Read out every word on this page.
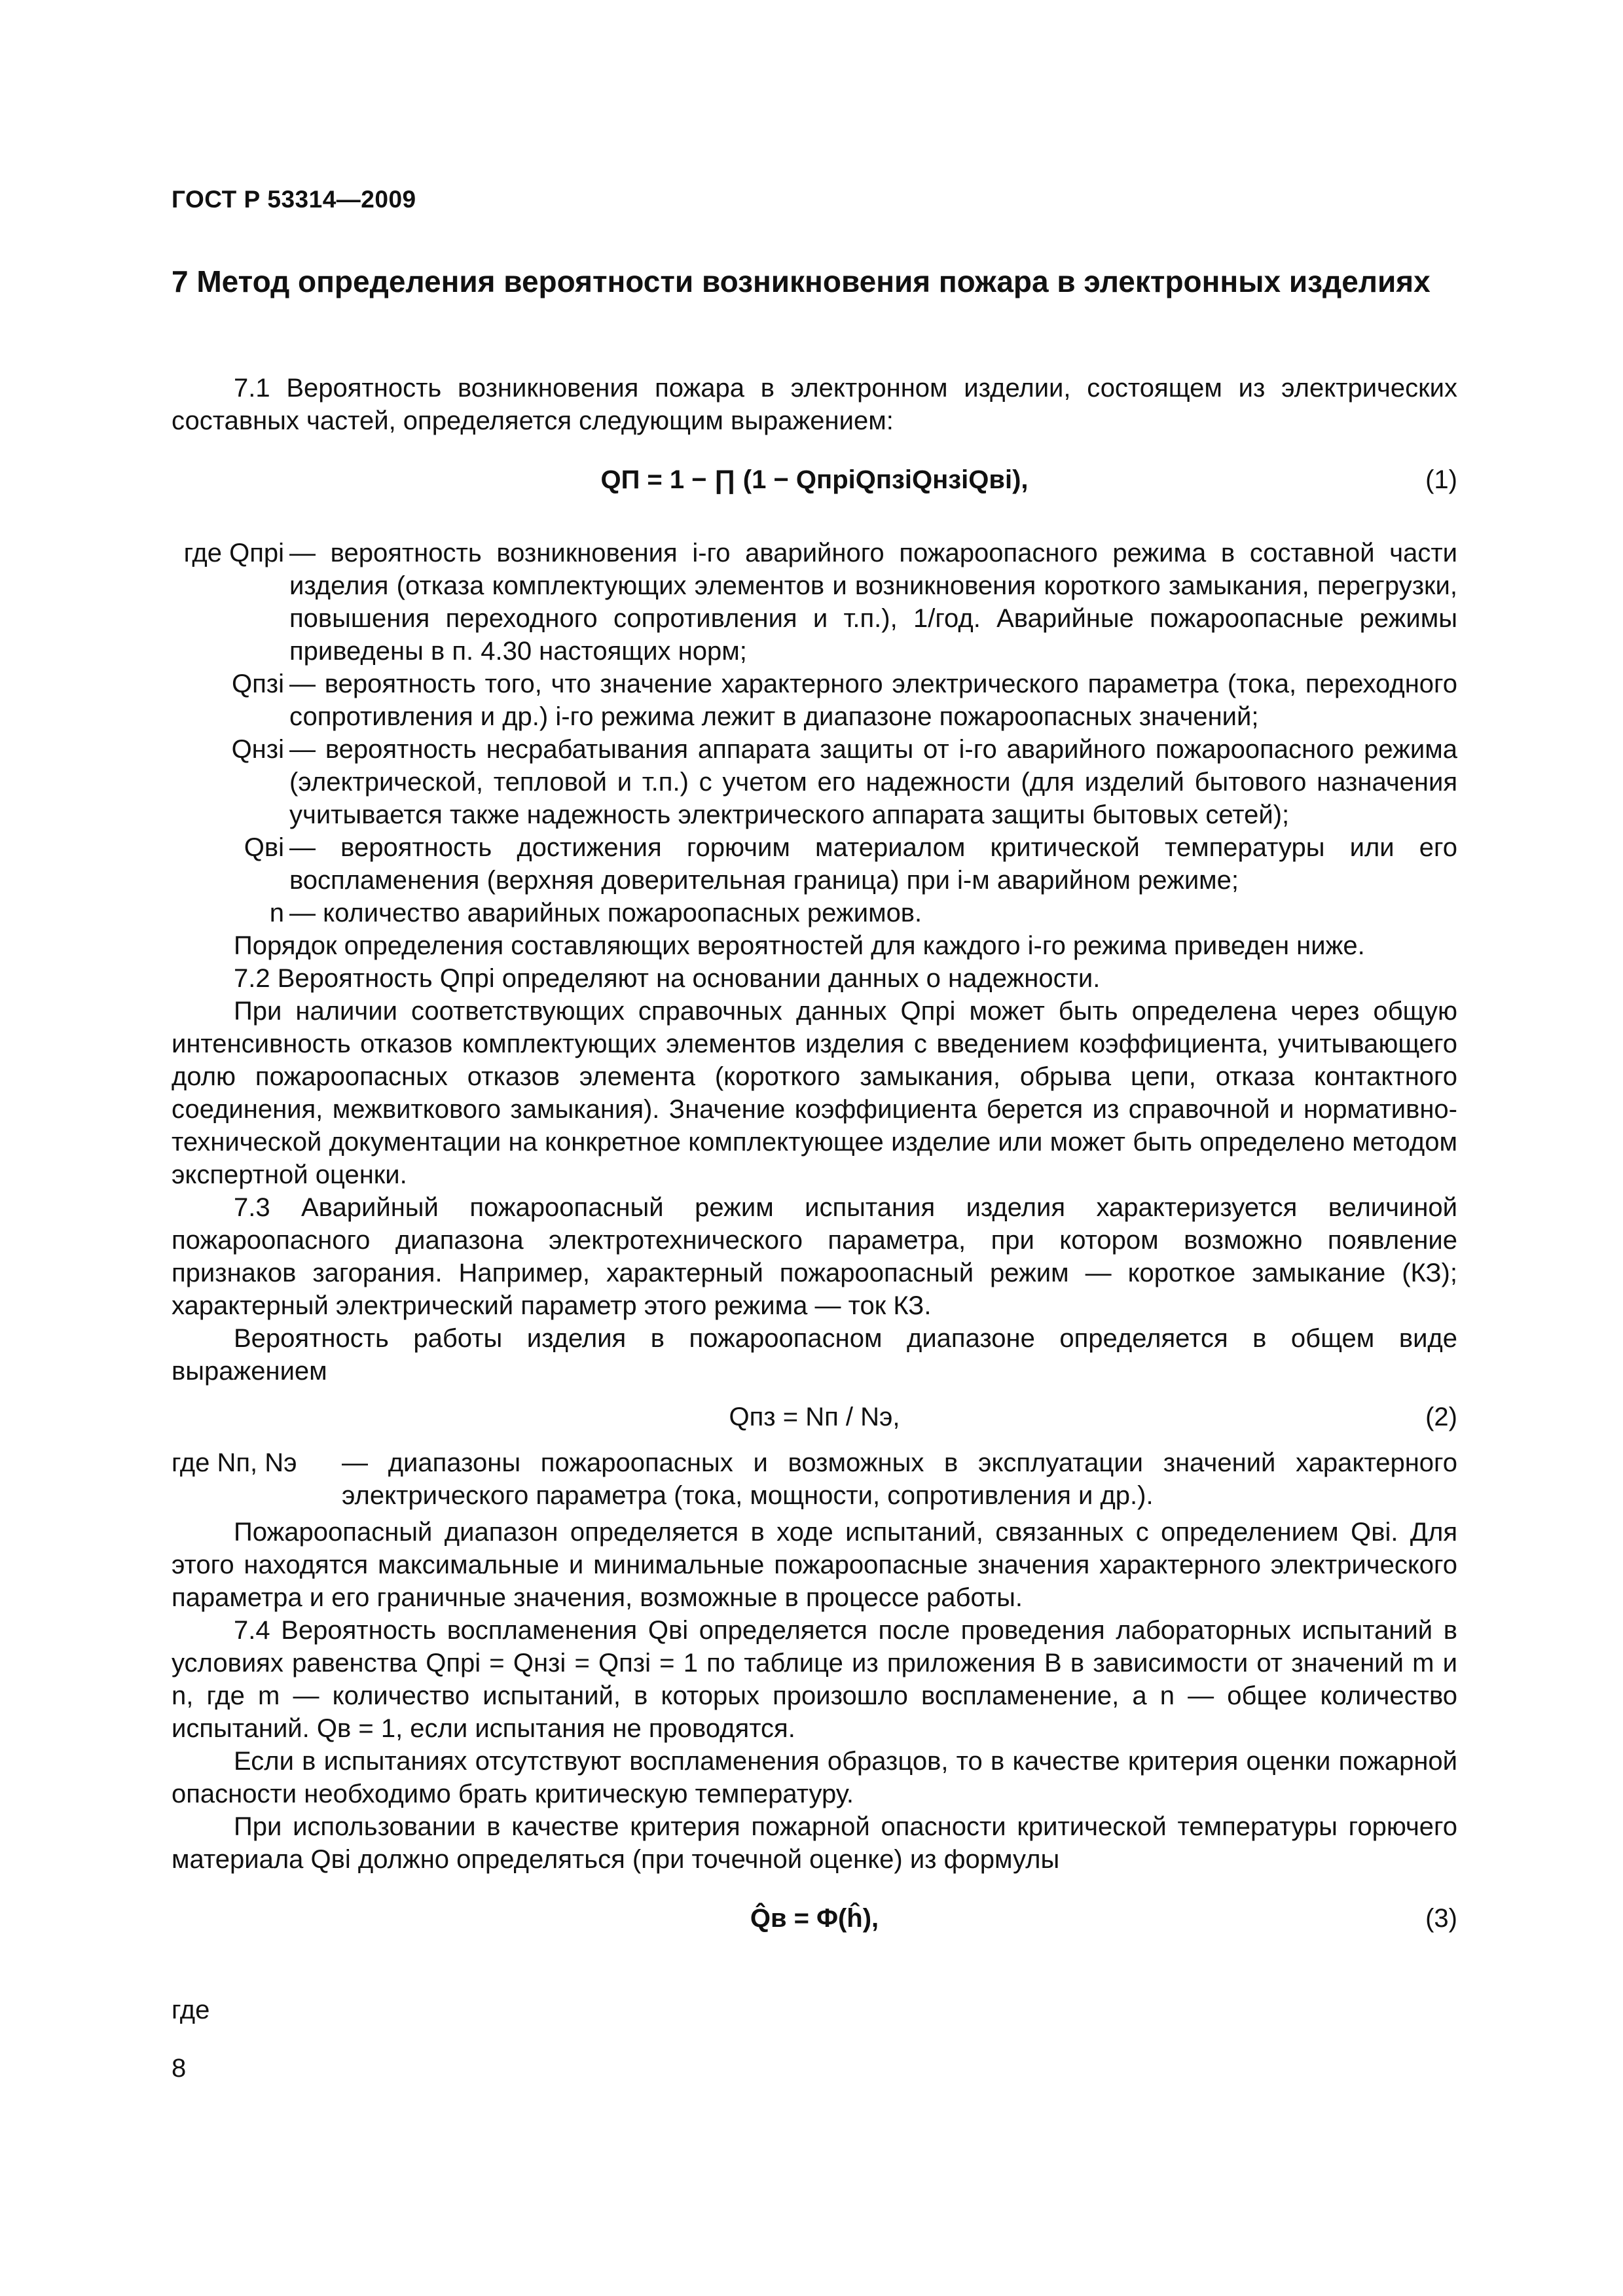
ГОСТ Р 53314—2009
7 Метод определения вероятности возникновения пожара в электронных изделиях

7.1 Вероятность возникновения пожара в электронном изделии, состоящем из электрических составных частей, определяется следующим выражением:

QП = 1 − ∏ (1 − QпрiQпзiQнзiQвi),	(1)
где Qпрi — вероятность возникновения i-го аварийного пожароопасного режима в составной части изделия (отказа комплектующих элементов и возникновения короткого замыкания, перегрузки, повышения переходного сопротивления и т.п.), 1/год. Аварийные пожароопасные режимы приведены в п. 4.30 настоящих норм;
Qпзi — вероятность того, что значение характерного электрического параметра (тока, переходного сопротивления и др.) i-го режима лежит в диапазоне пожароопасных значений;
Qнзi — вероятность несрабатывания аппарата защиты от i-го аварийного пожароопасного режима (электрической, тепловой и т.п.) с учетом его надежности (для изделий бытового назначения учитывается также надежность электрического аппарата защиты бытовых сетей);
Qвi — вероятность достижения горючим материалом критической температуры или его воспламенения (верхняя доверительная граница) при i-м аварийном режиме;
n — количество аварийных пожароопасных режимов.

Порядок определения составляющих вероятностей для каждого i-го режима приведен ниже.

7.2 Вероятность Qпрi определяют на основании данных о надежности.

При наличии соответствующих справочных данных Qпрi может быть определена через общую интенсивность отказов комплектующих элементов изделия с введением коэффициента, учитывающего долю пожароопасных отказов элемента (короткого замыкания, обрыва цепи, отказа контактного соединения, межвиткового замыкания). Значение коэффициента берется из справочной и нормативно-технической документации на конкретное комплектующее изделие или может быть определено методом экспертной оценки.

7.3 Аварийный пожароопасный режим испытания изделия характеризуется величиной пожароопасного диапазона электротехнического параметра, при котором возможно появление признаков загорания. Например, характерный пожароопасный режим — короткое замыкание (КЗ); характерный электрический параметр этого режима — ток КЗ.

Вероятность работы изделия в пожароопасном диапазоне определяется в общем виде выражением

Qпз = Nп / Nэ,	(2)
где Nп, Nэ	— диапазоны пожароопасных и возможных в эксплуатации значений характерного электрического параметра (тока, мощности, сопротивления и др.).

Пожароопасный диапазон определяется в ходе испытаний, связанных с определением Qвi. Для этого находятся максимальные и минимальные пожароопасные значения характерного электрического параметра и его граничные значения, возможные в процессе работы.

7.4 Вероятность воспламенения Qвi определяется после проведения лабораторных испытаний в условиях равенства Qпрi = Qнзi = Qпзi = 1 по таблице из приложения В в зависимости от значений m и n, где m — количество испытаний, в которых произошло воспламенение, а n — общее количество испытаний. Qв = 1, если испытания не проводятся.

Если в испытаниях отсутствуют воспламенения образцов, то в качестве критерия оценки пожарной опасности необходимо брать критическую температуру.

При использовании в качестве критерия пожарной опасности критической температуры горючего материала Qвi должно определяться (при точечной оценке) из формулы

Q̂в = Φ(ĥ),	(3)
где
8
